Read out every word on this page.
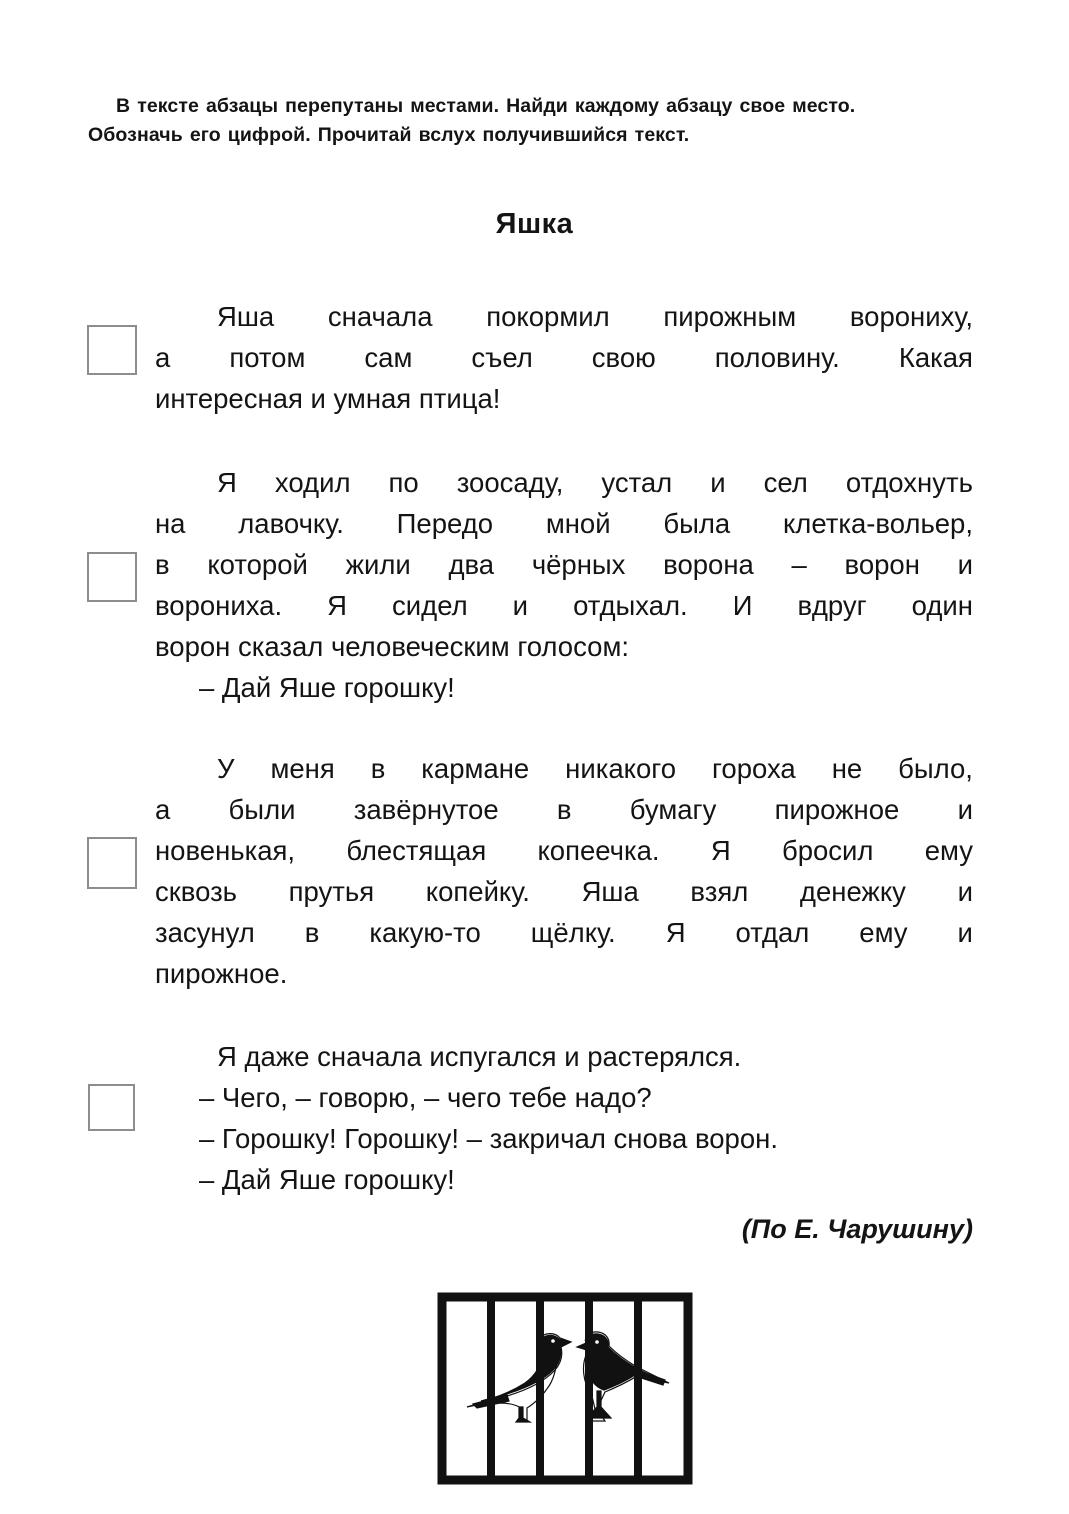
В тексте абзацы перепутаны местами. Найди каждому абзацу свое место.
Обозначь его цифрой. Прочитай вслух получившийся текст.
Яшка
Яша сначала покормил пирожным ворониху,
а потом сам съел свою половину. Какая
интересная и умная птица!
Я ходил по зоосаду, устал и сел отдохнуть
на лавочку. Передо мной была клетка-вольер,
в которой жили два чёрных ворона – ворон и
ворониха. Я сидел и отдыхал. И вдруг один
ворон сказал человеческим голосом:
– Дай Яше горошку!
У меня в кармане никакого гороха не было,
а были завёрнутое в бумагу пирожное и
новенькая, блестящая копеечка. Я бросил ему
сквозь прутья копейку. Яша взял денежку и
засунул в какую-то щёлку. Я отдал ему и
пирожное.
Я даже сначала испугался и растерялся.
– Чего, – говорю, – чего тебе надо?
– Горошку! Горошку! – закричал снова ворон.
– Дай Яше горошку!
(По Е. Чарушину)
